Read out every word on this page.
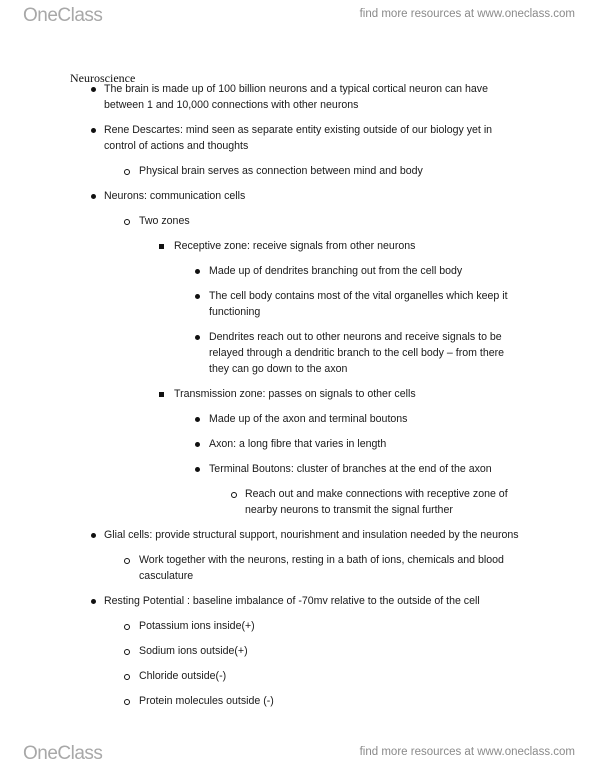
OneClass	find more resources at www.oneclass.com
Neuroscience
The brain is made up of 100 billion neurons and a typical cortical neuron can have
between 1 and 10,000 connections with other neurons
Rene Descartes: mind seen as separate entity existing outside of our biology yet in
control of actions and thoughts
Physical brain serves as connection between mind and body
Neurons: communication cells
Two zones
Receptive zone: receive signals from other neurons
Made up of dendrites branching out from the cell body
The cell body contains most of the vital organelles which keep it
functioning
Dendrites reach out to other neurons and receive signals to be
relayed through a dendritic branch to the cell body – from there
they can go down to the axon
Transmission zone: passes on signals to other cells
Made up of the axon and terminal boutons
Axon: a long fibre that varies in length
Terminal Boutons: cluster of branches at the end of the axon
Reach out and make connections with receptive zone of
nearby neurons to transmit the signal further
Glial cells: provide structural support, nourishment and insulation needed by the neurons
Work together with the neurons, resting in a bath of ions, chemicals and blood
casculature
Resting Potential : baseline imbalance of -70mv relative to the outside of the cell
Potassium ions inside(+)
Sodium ions outside(+)
Chloride outside(-)
Protein molecules outside (-)
OneClass	find more resources at www.oneclass.com
